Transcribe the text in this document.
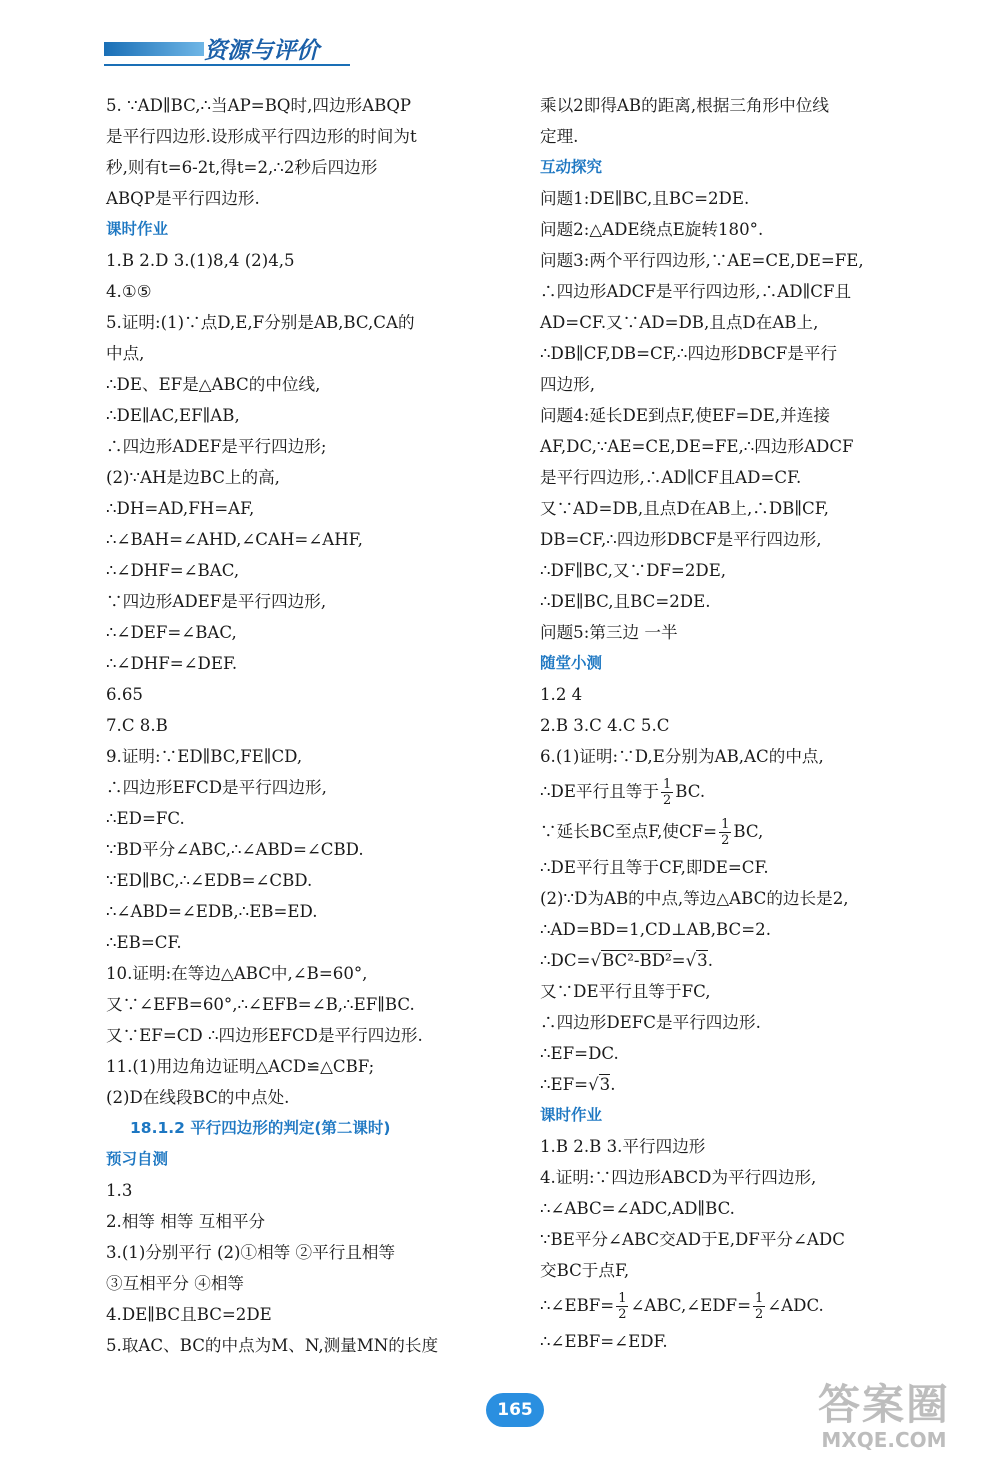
资源与评价
5. ∵AD∥BC,∴当AP=BQ时,四边形ABQP
是平行四边形.设形成平行四边形的时间为t
秒,则有t=6-2t,得t=2,∴2秒后四边形
ABQP是平行四边形.
课时作业
1.B 2.D 3.(1)8,4 (2)4,5
4.①⑤
5.证明:(1)∵点D,E,F分别是AB,BC,CA的
中点,
∴DE、EF是△ABC的中位线,
∴DE∥AC,EF∥AB,
∴四边形ADEF是平行四边形;
(2)∵AH是边BC上的高,
∴DH=AD,FH=AF,
∴∠BAH=∠AHD,∠CAH=∠AHF,
∴∠DHF=∠BAC,
∵四边形ADEF是平行四边形,
∴∠DEF=∠BAC,
∴∠DHF=∠DEF.
6.65
7.C 8.B
9.证明:∵ED∥BC,FE∥CD,
∴四边形EFCD是平行四边形,
∴ED=FC.
∵BD平分∠ABC,∴∠ABD=∠CBD.
∵ED∥BC,∴∠EDB=∠CBD.
∴∠ABD=∠EDB,∴EB=ED.
∴EB=CF.
10.证明:在等边△ABC中,∠B=60°,
又∵∠EFB=60°,∴∠EFB=∠B,∴EF∥BC.
又∵EF=CD ∴四边形EFCD是平行四边形.
11.(1)用边角边证明△ACD≌△CBF;
(2)D在线段BC的中点处.
18.1.2 平行四边形的判定(第二课时)
预习自测
1.3
2.相等 相等 互相平分
3.(1)分别平行 (2)①相等 ②平行且相等
③互相平分 ④相等
4.DE∥BC且BC=2DE
5.取AC、BC的中点为M、N,测量MN的长度
乘以2即得AB的距离,根据三角形中位线
定理.
互动探究
问题1:DE∥BC,且BC=2DE.
问题2:△ADE绕点E旋转180°.
问题3:两个平行四边形,∵AE=CE,DE=FE,
∴四边形ADCF是平行四边形,∴AD∥CF且
AD=CF.又∵AD=DB,且点D在AB上,
∴DB∥CF,DB=CF,∴四边形DBCF是平行
四边形,
问题4:延长DE到点F,使EF=DE,并连接
AF,DC,∵AE=CE,DE=FE,∴四边形ADCF
是平行四边形,∴AD∥CF且AD=CF.
又∵AD=DB,且点D在AB上,∴DB∥CF,
DB=CF,∴四边形DBCF是平行四边形,
∴DF∥BC,又∵DF=2DE,
∴DE∥BC,且BC=2DE.
问题5:第三边 一半
随堂小测
1.2 4
2.B 3.C 4.C 5.C
6.(1)证明:∵D,E分别为AB,AC的中点,
∴DE平行且等于 $\frac{1}{2}$ BC.
∵延长BC至点F,使$CF= \frac{1}{2}$ BC,
∴DE平行且等于CF,即DE=CF.
(2)∵D为AB的中点,等边△ABC的边长是2,
∴AD=BD=1,CD⊥AB,BC=2.
∴DC=√BC²-BD²=√3.
又∵DE平行且等于FC,
∴四边形DEFC是平行四边形.
∴EF=DC.
∴EF=√3.
课时作业
1.B 2.B 3.平行四边形
4.证明:∵四边形ABCD为平行四边形,
∴∠ABC=∠ADC,AD∥BC.
∵BE平分∠ABC交AD于E,DF平分∠ADC
交BC于点F,
∴∠EBF= $\frac{1}{2}$ ∠ABC,∠EDF= $\frac{1}{2}$ ∠ADC.
∴∠EBF=∠EDF.
165	答案圈
MXQE.COM
